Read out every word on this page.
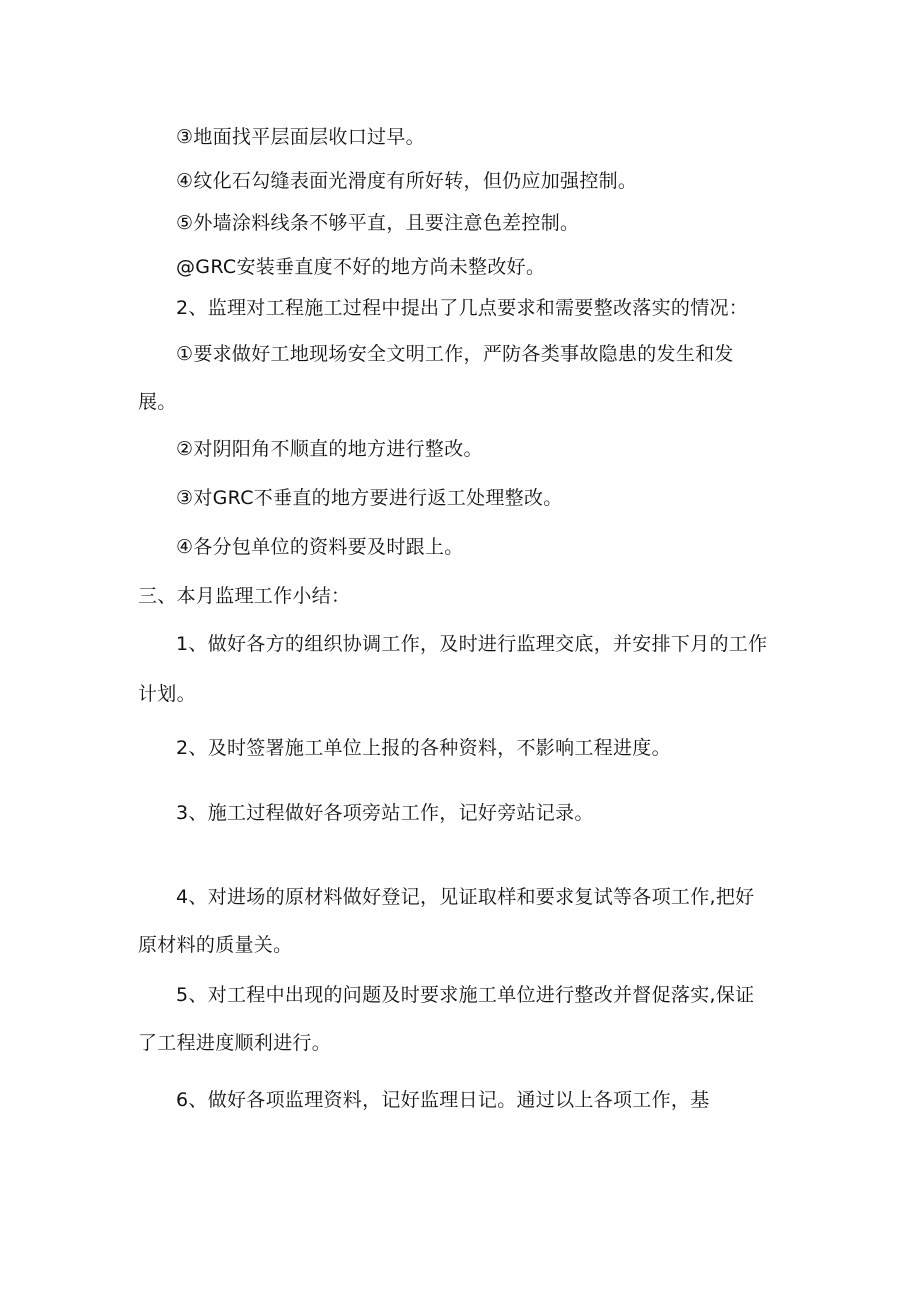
③地面找平层面层收口过早。

④纹化石勾缝表面光滑度有所好转，但仍应加强控制。

⑤外墙涂料线条不够平直，且要注意色差控制。

@GRC安装垂直度不好的地方尚未整改好。

2、监理对工程施工过程中提出了几点要求和需要整改落实的情况：

①要求做好工地现场安全文明工作，严防各类事故隐患的发生和发

展。

②对阴阳角不顺直的地方进行整改。

③对GRC不垂直的地方要进行返工处理整改。

④各分包单位的资料要及时跟上。

三、本月监理工作小结：

1、做好各方的组织协调工作，及时进行监理交底，并安排下月的工作

计划。

2、及时签署施工单位上报的各种资料，不影响工程进度。

3、施工过程做好各项旁站工作，记好旁站记录。

4、对进场的原材料做好登记，见证取样和要求复试等各项工作,把好

原材料的质量关。

5、对工程中出现的问题及时要求施工单位进行整改并督促落实,保证

了工程进度顺利进行。

6、做好各项监理资料，记好监理日记。通过以上各项工作，基
